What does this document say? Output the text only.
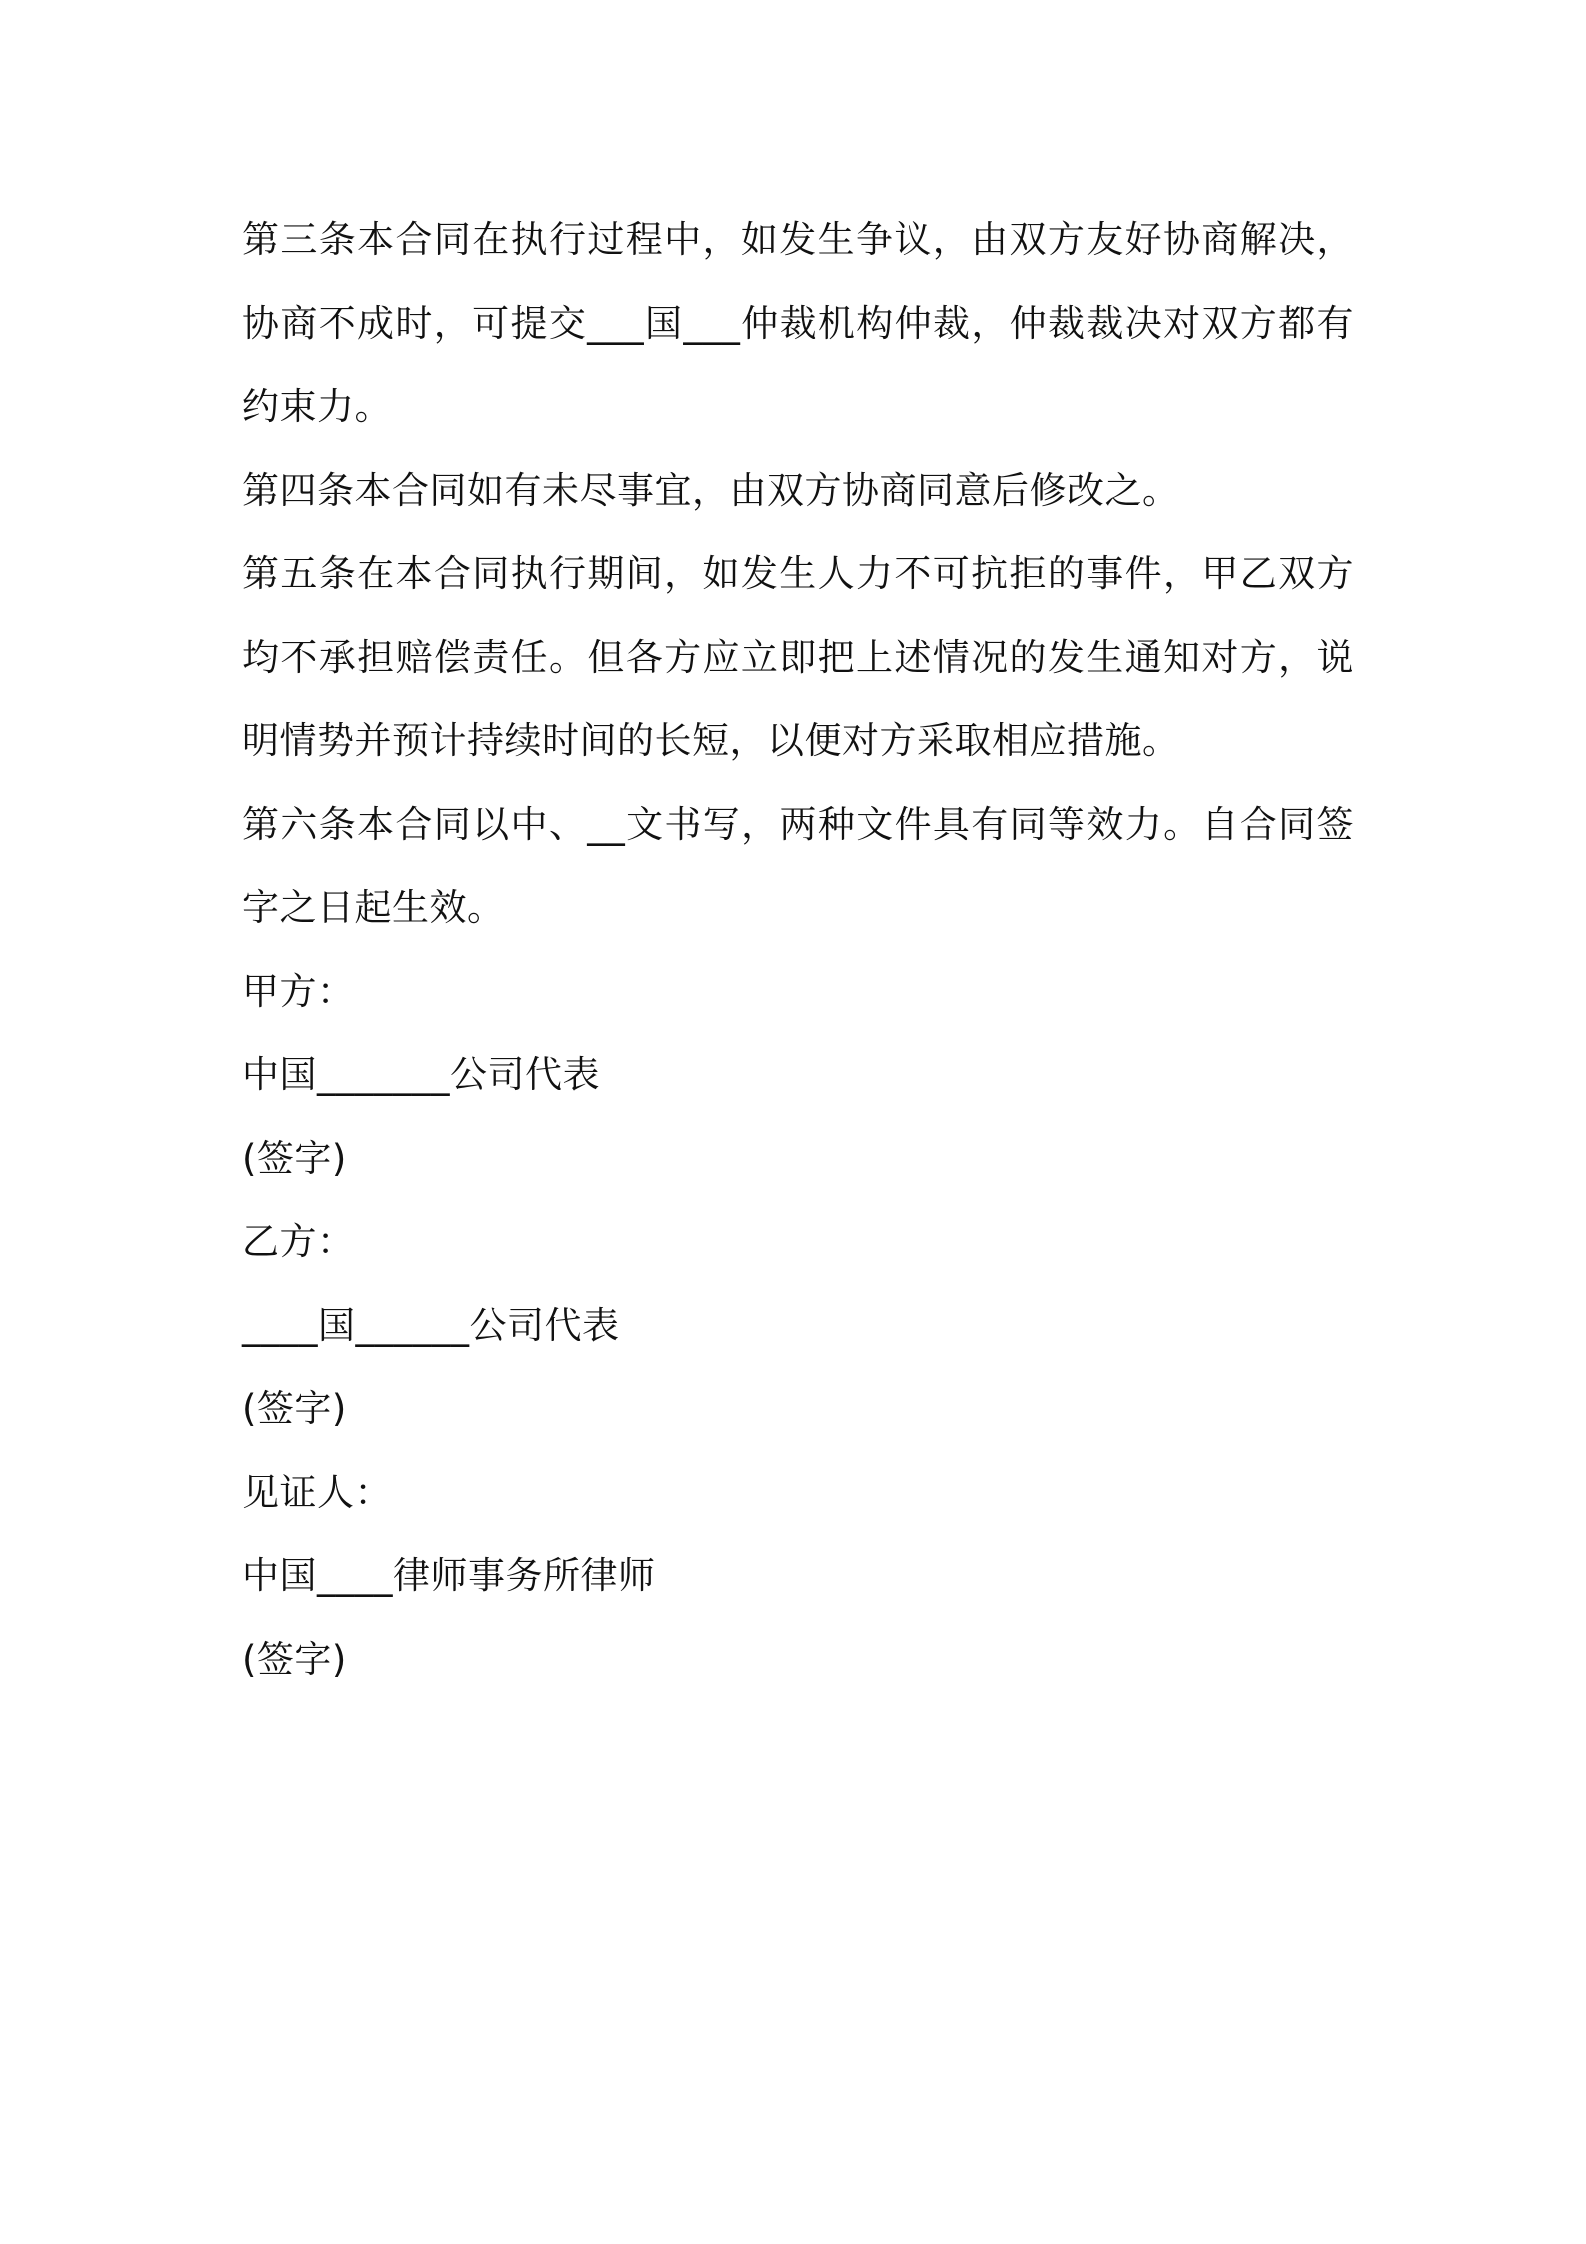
第三条本合同在执行过程中，如发生争议，由双方友好协商解决，协商不成时，可提交___国___仲裁机构仲裁，仲裁裁决对双方都有约束力。

第四条本合同如有未尽事宜，由双方协商同意后修改之。

第五条在本合同执行期间，如发生人力不可抗拒的事件，甲乙双方均不承担赔偿责任。但各方应立即把上述情况的发生通知对方，说明情势并预计持续时间的长短，以便对方采取相应措施。

第六条本合同以中、__文书写，两种文件具有同等效力。自合同签字之日起生效。

甲方：

中国_______公司代表

(签字)

乙方：

____国______公司代表

(签字)

见证人：

中国____律师事务所律师

(签字)
